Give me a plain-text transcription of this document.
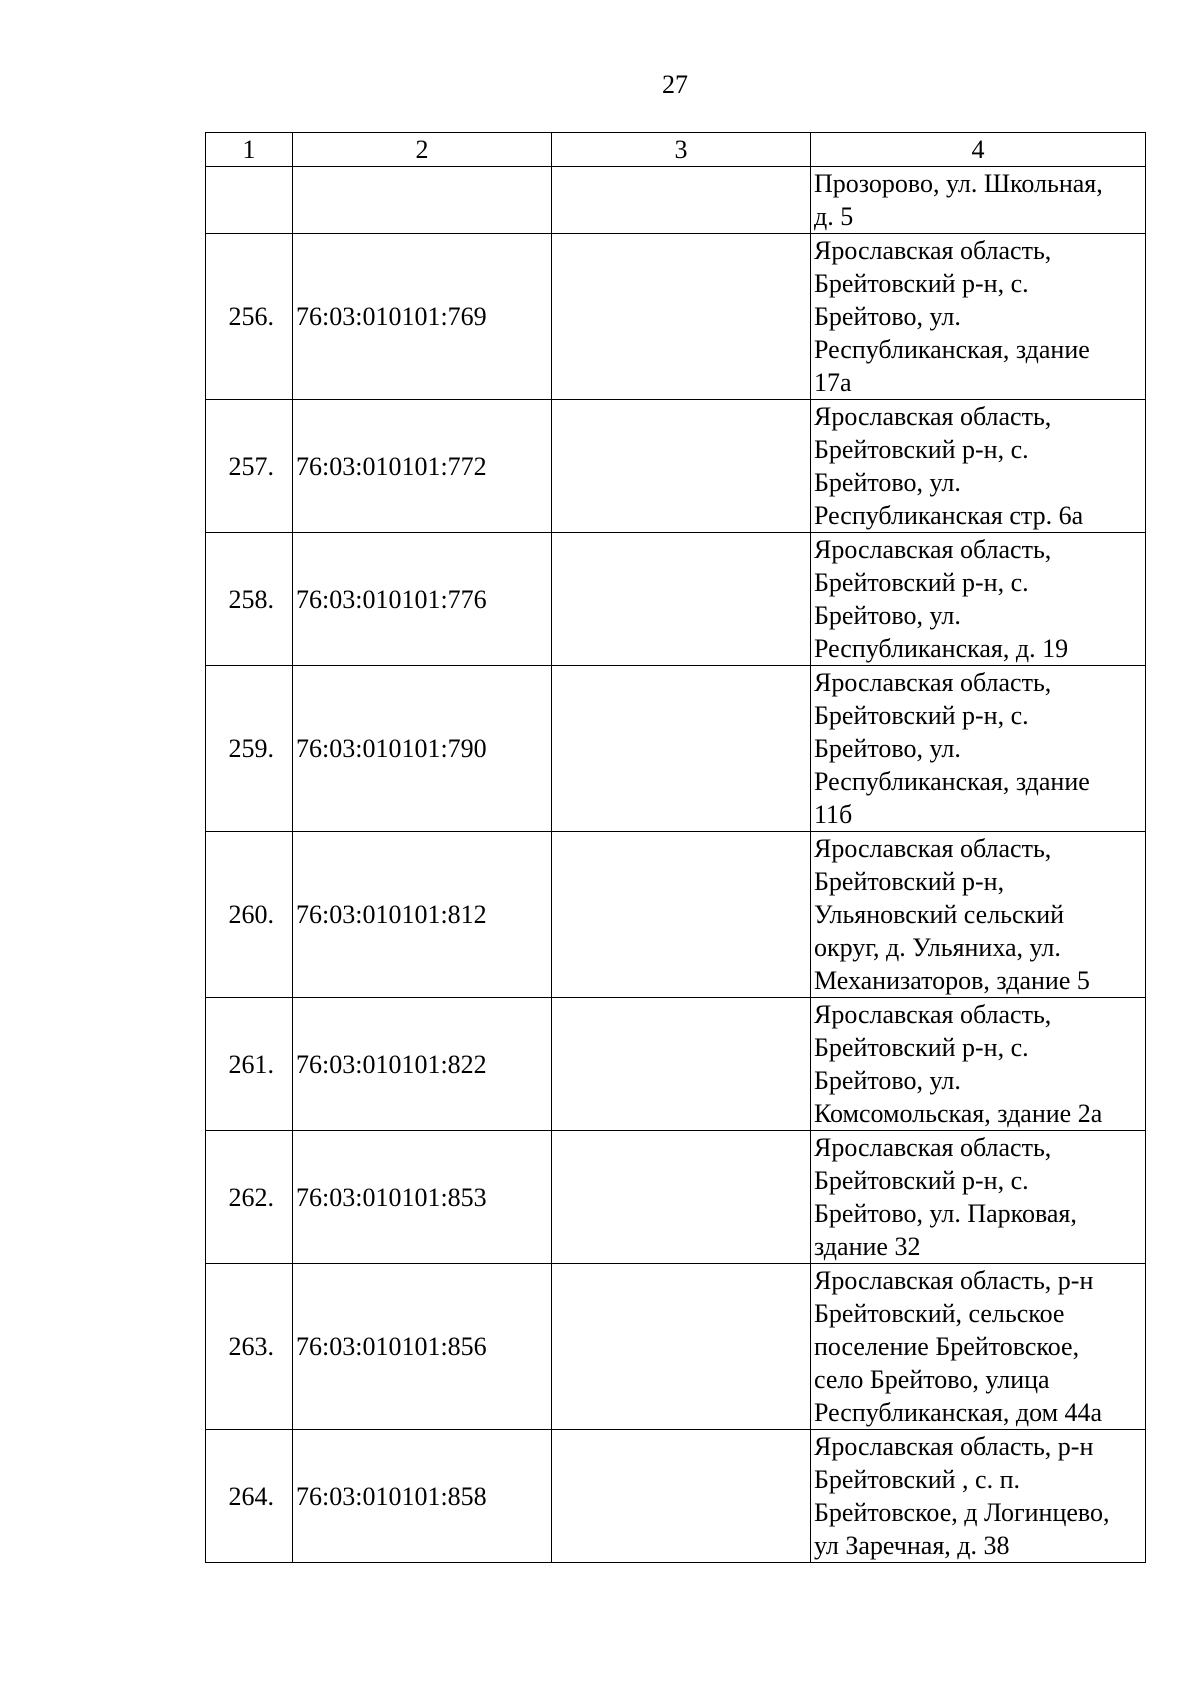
27
1	2	3	4
			Прозорово, ул. Школьная,
д. 5
256.	76:03:010101:769		Ярославская область,
Брейтовский р-н, с.
Брейтово, ул.
Республиканская, здание
17а
257.	76:03:010101:772		Ярославская область,
Брейтовский р-н, с.
Брейтово, ул.
Республиканская стр. 6а
258.	76:03:010101:776		Ярославская область,
Брейтовский р-н, с.
Брейтово, ул.
Республиканская, д. 19
259.	76:03:010101:790		Ярославская область,
Брейтовский р-н, с.
Брейтово, ул.
Республиканская, здание
11б
260.	76:03:010101:812		Ярославская область,
Брейтовский р-н,
Ульяновский сельский
округ, д. Ульяниха, ул.
Механизаторов, здание 5
261.	76:03:010101:822		Ярославская область,
Брейтовский р-н, с.
Брейтово, ул.
Комсомольская, здание 2а
262.	76:03:010101:853		Ярославская область,
Брейтовский р-н, с.
Брейтово, ул. Парковая,
здание 32
263.	76:03:010101:856		Ярославская область, р-н
Брейтовский, сельское
поселение Брейтовское,
село Брейтово, улица
Республиканская, дом 44а
264.	76:03:010101:858		Ярославская область, р-н
Брейтовский , с. п.
Брейтовское, д Логинцево,
ул Заречная, д. 38
